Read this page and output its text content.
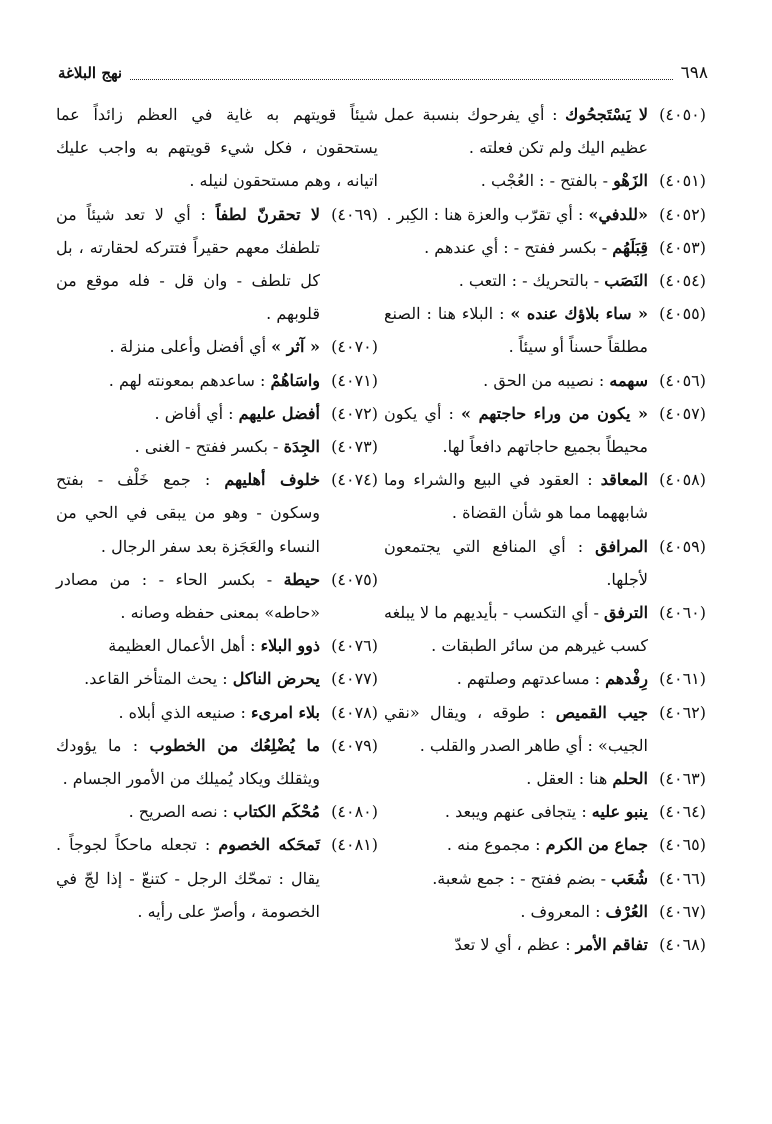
نهج البلاغة	٦٩٨
(٤٠٥٠)
لا يَسْتَجحُوك : أي يفرحوك بنسبة عمل عظيم اليك ولم تكن فعلته .
(٤٠٥١)
الزَهْو - بالفتح - : العُجْب .
(٤٠٥٢)
«للدفي» : أي تقرّب والعزة هنا : الكِبر .
(٤٠٥٣)
قِبَلَهُم - بكسر ففتح - : أي عندهم .
(٤٠٥٤)
النَصَب - بالتحريك - : التعب .
(٤٠٥٥)
« ساء بلاؤك عنده » : البلاء هنا : الصنع مطلقاً حسناً أو سيئاً .
(٤٠٥٦)
سهمه : نصيبه من الحق .
(٤٠٥٧)
« يكون من وراء حاجتهم » : أي يكون محيطاً بجميع حاجاتهم دافعاً لها.
(٤٠٥٨)
المعاقد : العقود في البيع والشراء وما شابههما مما هو شأن القضاة .
(٤٠٥٩)
المرافق : أي المنافع التي يجتمعون لأجلها.
(٤٠٦٠)
الترفق - أي التكسب - بأيديهم ما لا يبلغه كسب غيرهم من سائر الطبقات .
(٤٠٦١)
رِفْدهم : مساعدتهم وصلتهم .
(٤٠٦٢)
جيب القميص : طوقه ، ويقال «نقي الجيب» : أي طاهر الصدر والقلب .
(٤٠٦٣)
الحلم هنا : العقل .
(٤٠٦٤)
ينبو عليه : يتجافى عنهم ويبعد .
(٤٠٦٥)
جماع من الكرم : مجموع منه .
(٤٠٦٦)
شُعَب - بضم ففتح - : جمع شعبة.
(٤٠٦٧)
العُرْف : المعروف .
(٤٠٦٨)
تفاقم الأمر : عظم ، أي لا تعدّ
شيئاً قويتهم به غاية في العظم زائداً عما يستحقون ، فكل شيء قويتهم به واجب عليك اتيانه ، وهم مستحقون لنيله .
(٤٠٦٩)
لا تحقرنّ لطفاً : أي لا تعد شيئاً من تلطفك معهم حقيراً فتتركه لحقارته ، بل كل تلطف - وان قل - فله موقع من قلوبهم .
(٤٠٧٠)
« آثر » أي أفضل وأعلى منزلة .
(٤٠٧١)
واسَاهُمْ : ساعدهم بمعونته لهم .
(٤٠٧٢)
أفضل عليهم : أي أفاض .
(٤٠٧٣)
الجِدَة - بكسر ففتح - الغنى .
(٤٠٧٤)
خلوف أهليهم : جمع خَلْف - بفتح وسكون - وهو من يبقى في الحي من النساء والعَجَزة بعد سفر الرجال .
(٤٠٧٥)
حيطة - بكسر الحاء - : من مصادر «حاطه» بمعنى حفظه وصانه .
(٤٠٧٦)
ذوو البلاء : أهل الأعمال العظيمة
(٤٠٧٧)
يحرض الناكل : يحث المتأخر القاعد.
(٤٠٧٨)
بلاء امرىء : صنيعه الذي أبلاه .
(٤٠٧٩)
ما يُضْلِعُك من الخطوب : ما يؤودك ويثقلك ويكاد يُميلك من الأمور الجسام .
(٤٠٨٠)
مُحْكَم الكتاب : نصه الصريح .
(٤٠٨١)
تَمحَكه الخصوم : تجعله ماحكاً لجوجاً . يقال : تمحّك الرجل - كتنعّ - إذا لجّ في الخصومة ، وأصرّ على رأيه .
